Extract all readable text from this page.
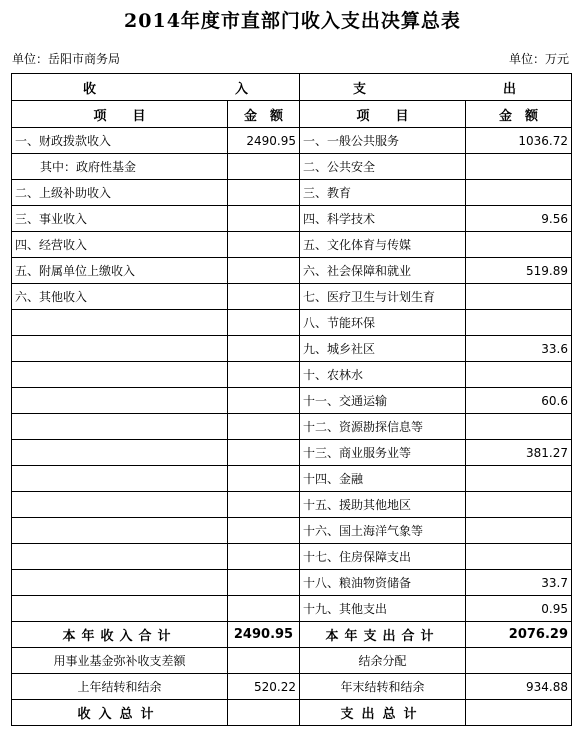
2014年度市直部门收入支出决算总表
单位：岳阳市商务局	单位：万元
收 入		支 出	

项　　目	金　额	项　　目	金　额
一、财政拨款收入	2490.95	一、一般公共服务	1036.72
其中：政府性基金		二、公共安全	
二、上级补助收入		三、教育	
三、事业收入		四、科学技术	9.56
四、经营收入		五、文化体育与传媒	
五、附属单位上缴收入		六、社会保障和就业	519.89
六、其他收入		七、医疗卫生与计划生育	
		八、节能环保	
		九、城乡社区	33.6
		十、农林水	
		十一、交通运输	60.6
		十二、资源勘探信息等	
		十三、商业服务业等	381.27
		十四、金融	
		十五、援助其他地区	
		十六、国土海洋气象等	
		十七、住房保障支出	
		十八、粮油物资储备	33.7
		十九、其他支出	0.95
本年收入合计	2490.95	本年支出合计	2076.29
用事业基金弥补收支差额		结余分配	
上年结转和结余	520.22	年末结转和结余	934.88
收入总计		支出总计	
